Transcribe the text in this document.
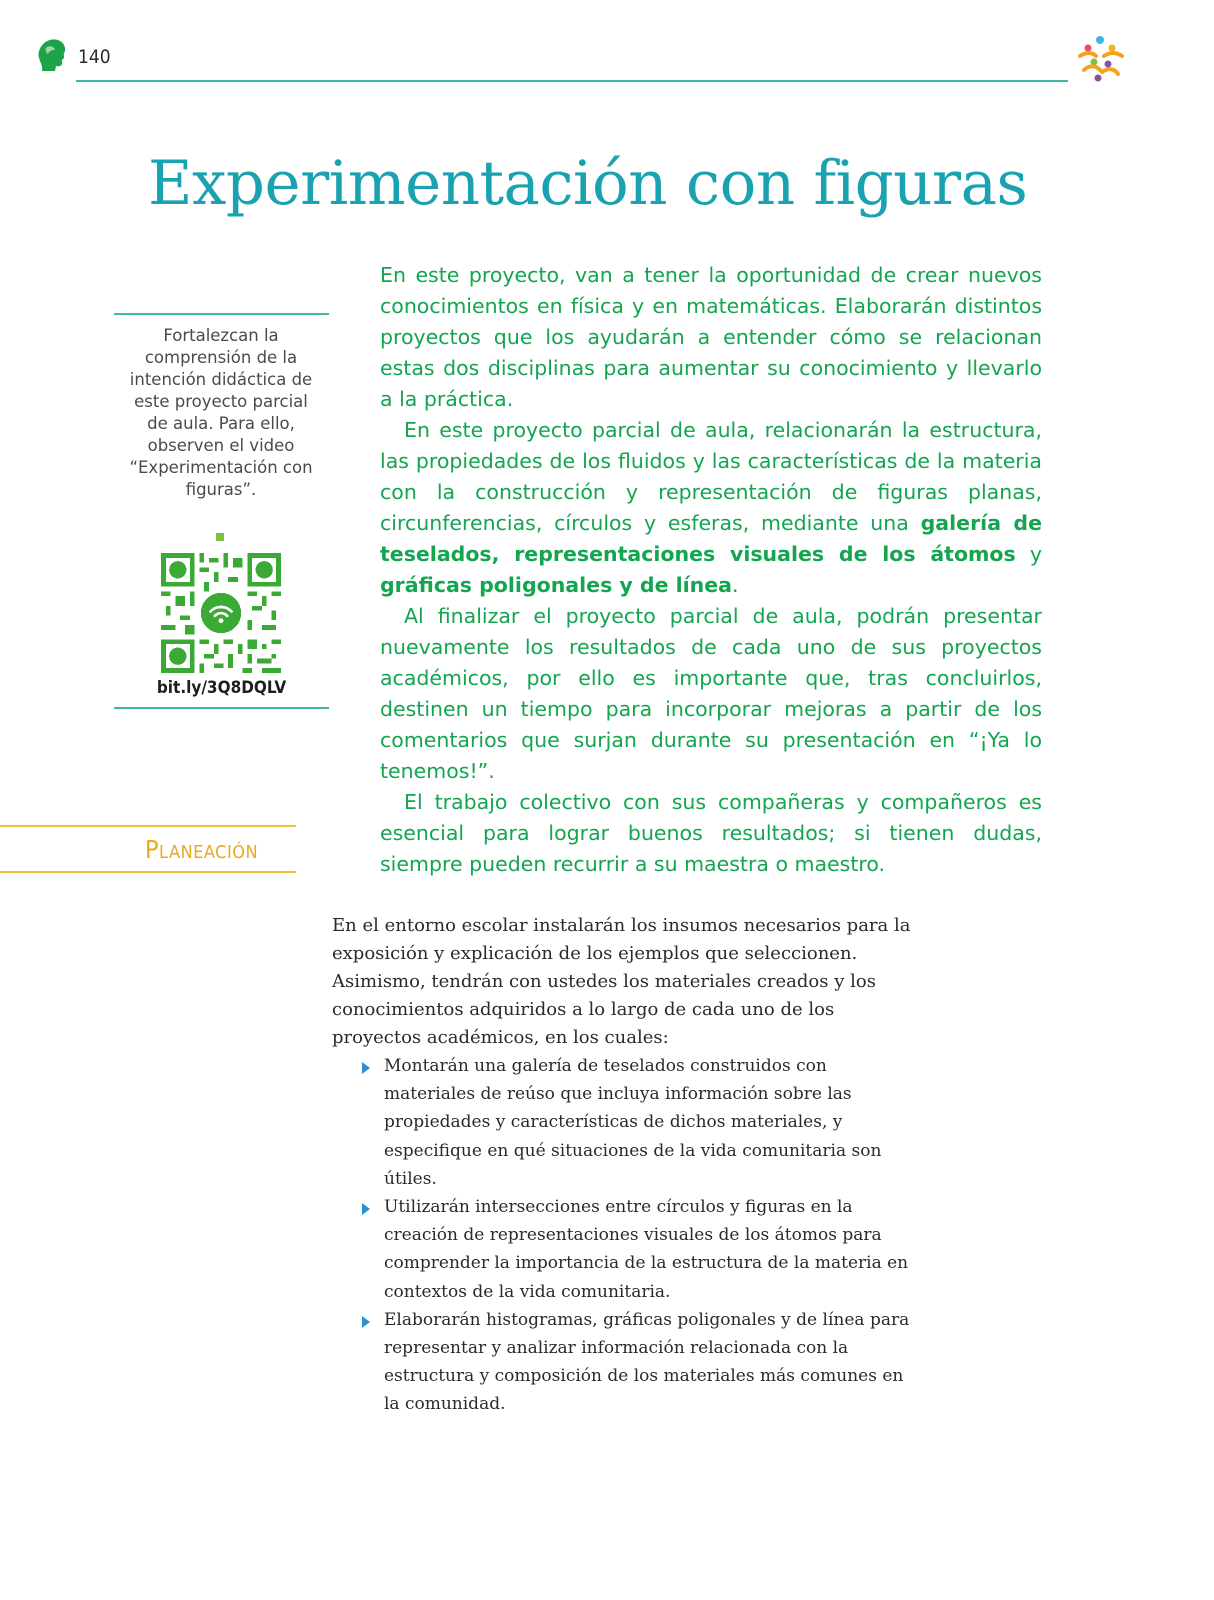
140
Experimentación con figuras
Fortalezcan la comprensión de la intención didáctica de este proyecto parcial de aula. Para ello, observen el video “Experimentación con figuras”.
bit.ly/3Q8DQLV

En este proyecto, van a tener la oportunidad de crear nuevos conocimientos en física y en matemáticas. Elaborarán distintos proyectos que los ayudarán a entender cómo se relacionan estas dos disciplinas para aumentar su conocimiento y llevarlo a la práctica.

En este proyecto parcial de aula, relacionarán la estructura, las propiedades de los fluidos y las características de la materia con la construcción y representación de figuras planas, circunferencias, círculos y esferas, mediante una galería de teselados, representaciones visuales de los átomos y gráficas poligonales y de línea.

Al finalizar el proyecto parcial de aula, podrán presentar nuevamente los resultados de cada uno de sus proyectos académicos, por ello es importante que, tras concluirlos, destinen un tiempo para incorporar mejoras a partir de los comentarios que surjan durante su presentación en “¡Ya lo tenemos!”.

El trabajo colectivo con sus compañeras y compañeros es esencial para lograr buenos resultados; si tienen dudas, siempre pueden recurrir a su maestra o maestro.

Planeación
En el entorno escolar instalarán los insumos necesarios para la exposición y explicación de los ejemplos que seleccionen. Asimismo, tendrán con ustedes los materiales creados y los conocimientos adquiridos a lo largo de cada uno de los proyectos académicos, en los cuales:
Montarán una galería de teselados construidos con materiales de reúso que incluya información sobre las propiedades y características de dichos materiales, y especifique en qué situaciones de la vida comunitaria son útiles.
Utilizarán intersecciones entre círculos y figuras en la creación de representaciones visuales de los átomos para comprender la importancia de la estructura de la materia en contextos de la vida comunitaria.
Elaborarán histogramas, gráficas poligonales y de línea para representar y analizar información relacionada con la estructura y composición de los materiales más comunes en la comunidad.
